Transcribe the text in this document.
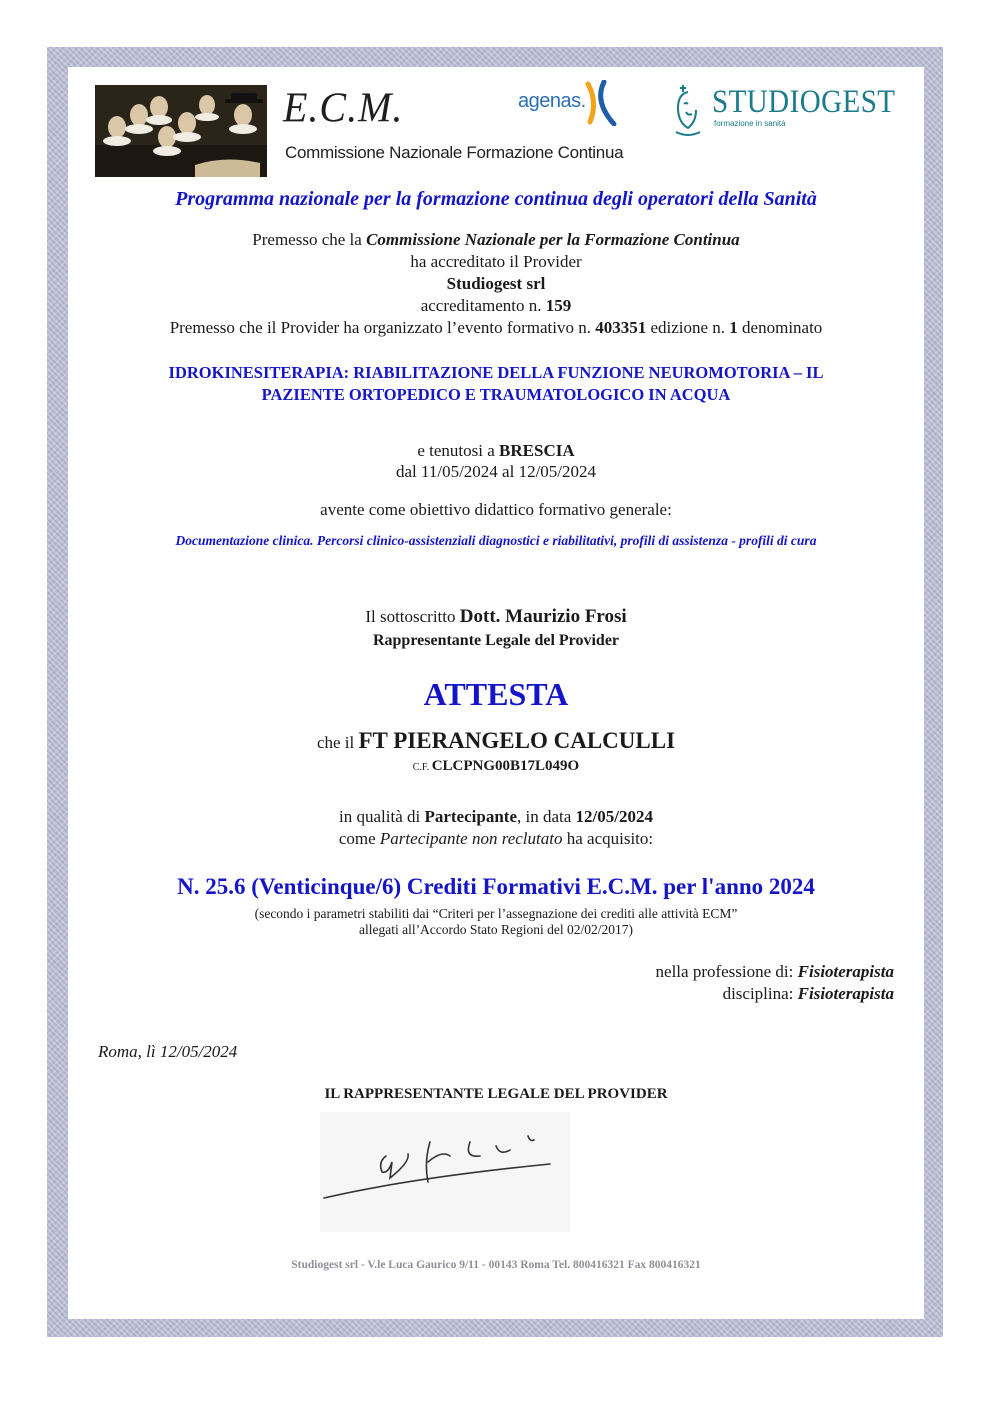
E.C.M.
Commissione Nazionale Formazione Continua
agenas.	STUDIOGEST
formazione in sanità
Programma nazionale per la formazione continua degli operatori della Sanità
Premesso che la Commissione Nazionale per la Formazione Continua
ha accreditato il Provider
Studiogest srl
accreditamento n. 159
Premesso che il Provider ha organizzato l’evento formativo n. 403351 edizione n. 1 denominato
IDROKINESITERAPIA: RIABILITAZIONE DELLA FUNZIONE NEUROMOTORIA – IL
PAZIENTE ORTOPEDICO E TRAUMATOLOGICO IN ACQUA
e tenutosi a BRESCIA
dal 11/05/2024 al 12/05/2024
avente come obiettivo didattico formativo generale:
Documentazione clinica. Percorsi clinico-assistenziali diagnostici e riabilitativi, profili di assistenza - profili di cura
Il sottoscritto Dott. Maurizio Frosi
Rappresentante Legale del Provider
ATTESTA
che il FT PIERANGELO CALCULLI
C.F. CLCPNG00B17L049O
in qualità di Partecipante, in data 12/05/2024
come Partecipante non reclutato ha acquisito:
N. 25.6 (Venticinque/6) Crediti Formativi E.C.M. per l'anno 2024
(secondo i parametri stabiliti dai “Criteri per l’assegnazione dei crediti alle attività ECM”
allegati all’Accordo Stato Regioni del 02/02/2017)
nella professione di: Fisioterapista
disciplina: Fisioterapista
Roma, lì 12/05/2024
IL RAPPRESENTANTE LEGALE DEL PROVIDER
Studiogest srl - V.le Luca Gaurico 9/11 - 00143 Roma Tel. 800416321 Fax 800416321
